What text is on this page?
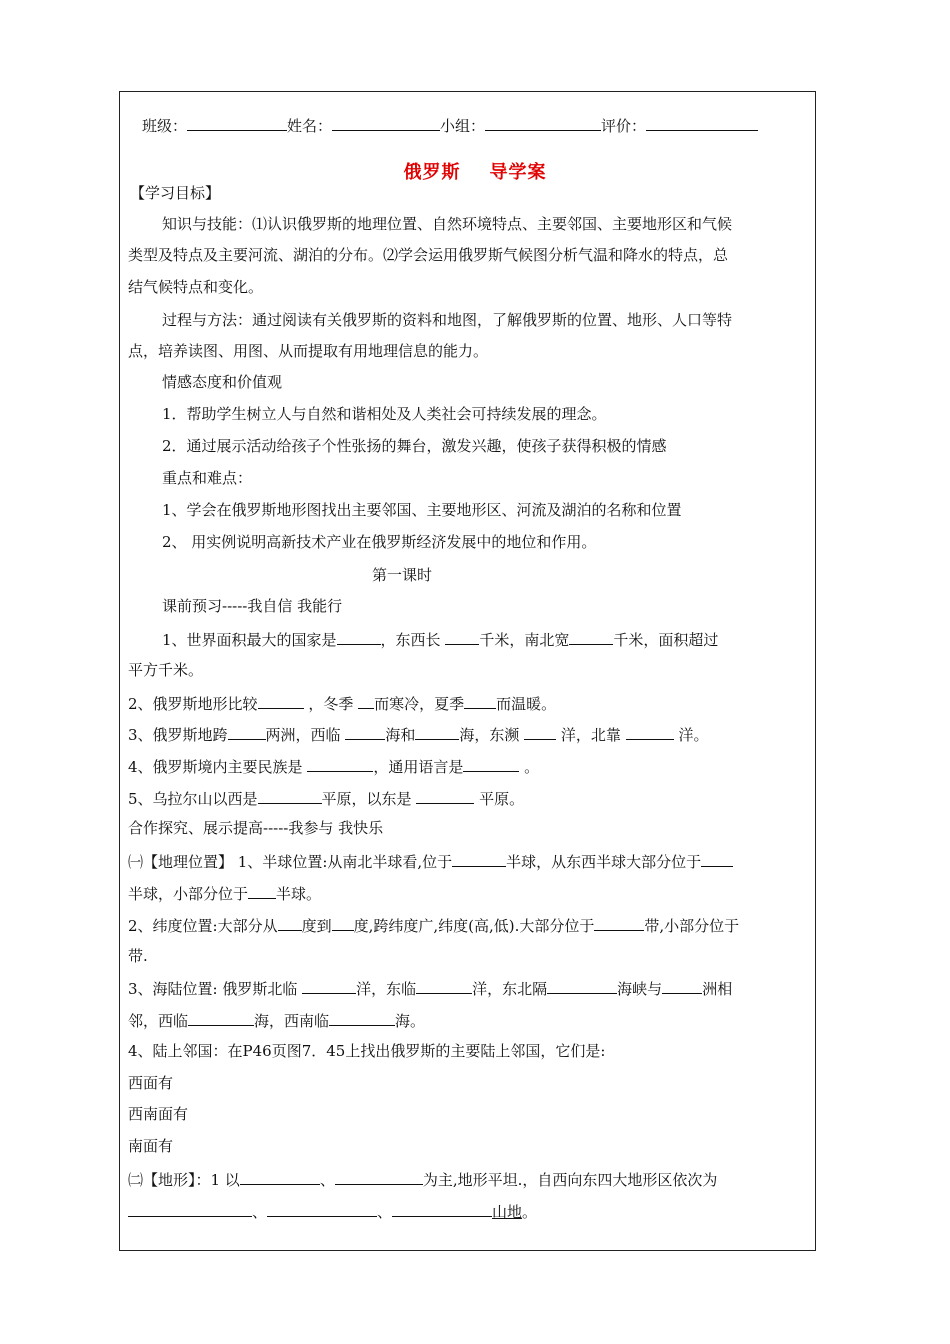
班级：	姓名：	小组：	评价：
俄罗斯 导学案
【学习目标】
知识与技能：⑴认识俄罗斯的地理位置、自然环境特点、主要邻国、主要地形区和气候
类型及特点及主要河流、湖泊的分布。⑵学会运用俄罗斯气候图分析气温和降水的特点，总
结气候特点和变化。
过程与方法：通过阅读有关俄罗斯的资料和地图，了解俄罗斯的位置、地形、人口等特
点，培养读图、用图、从而提取有用地理信息的能力。
情感态度和价值观
1．帮助学生树立人与自然和谐相处及人类社会可持续发展的理念。
2．通过展示活动给孩子个性张扬的舞台，激发兴趣，使孩子获得积极的情感
重点和难点：
1、学会在俄罗斯地形图找出主要邻国、主要地形区、河流及湖泊的名称和位置
2、 用实例说明高新技术产业在俄罗斯经济发展中的地位和作用。
第一课时
课前预习-----我自信 我能行
1、世界面积最大的国家是	，东西长 千米，南北宽	千米，面积超过
平方千米。
2、俄罗斯地形比较	，冬季 而寒冷，夏季 而温暖。
3、俄罗斯地跨	两洲，西临	海和	海，东濒  洋，北靠	洋。
4、俄罗斯境内主要民族是	，通用语言是	。
5、乌拉尔山以西是	平原，以东是	平原。
合作探究、展示提高-----我参与 我快乐
㈠【地理位置】 1、半球位置:从南北半球看,位于	半球，从东西半球大部分位于
半球，小部分位于 半球。
2、纬度位置:大部分从 度到 度,跨纬度广,纬度(高,低).大部分位于	带,小部分位于
带.
3、海陆位置: 俄罗斯北临	洋，东临	洋，东北隔	海峡与	洲相
邻，西临	海，西南临	海。
4、陆上邻国：在P46页图7．45上找出俄罗斯的主要陆上邻国，它们是:
西面有
西南面有
南面有
㈡【地形】：1 以	、	为主,地形平坦.，自西向东四大地形区依次为
、	、	山地。
